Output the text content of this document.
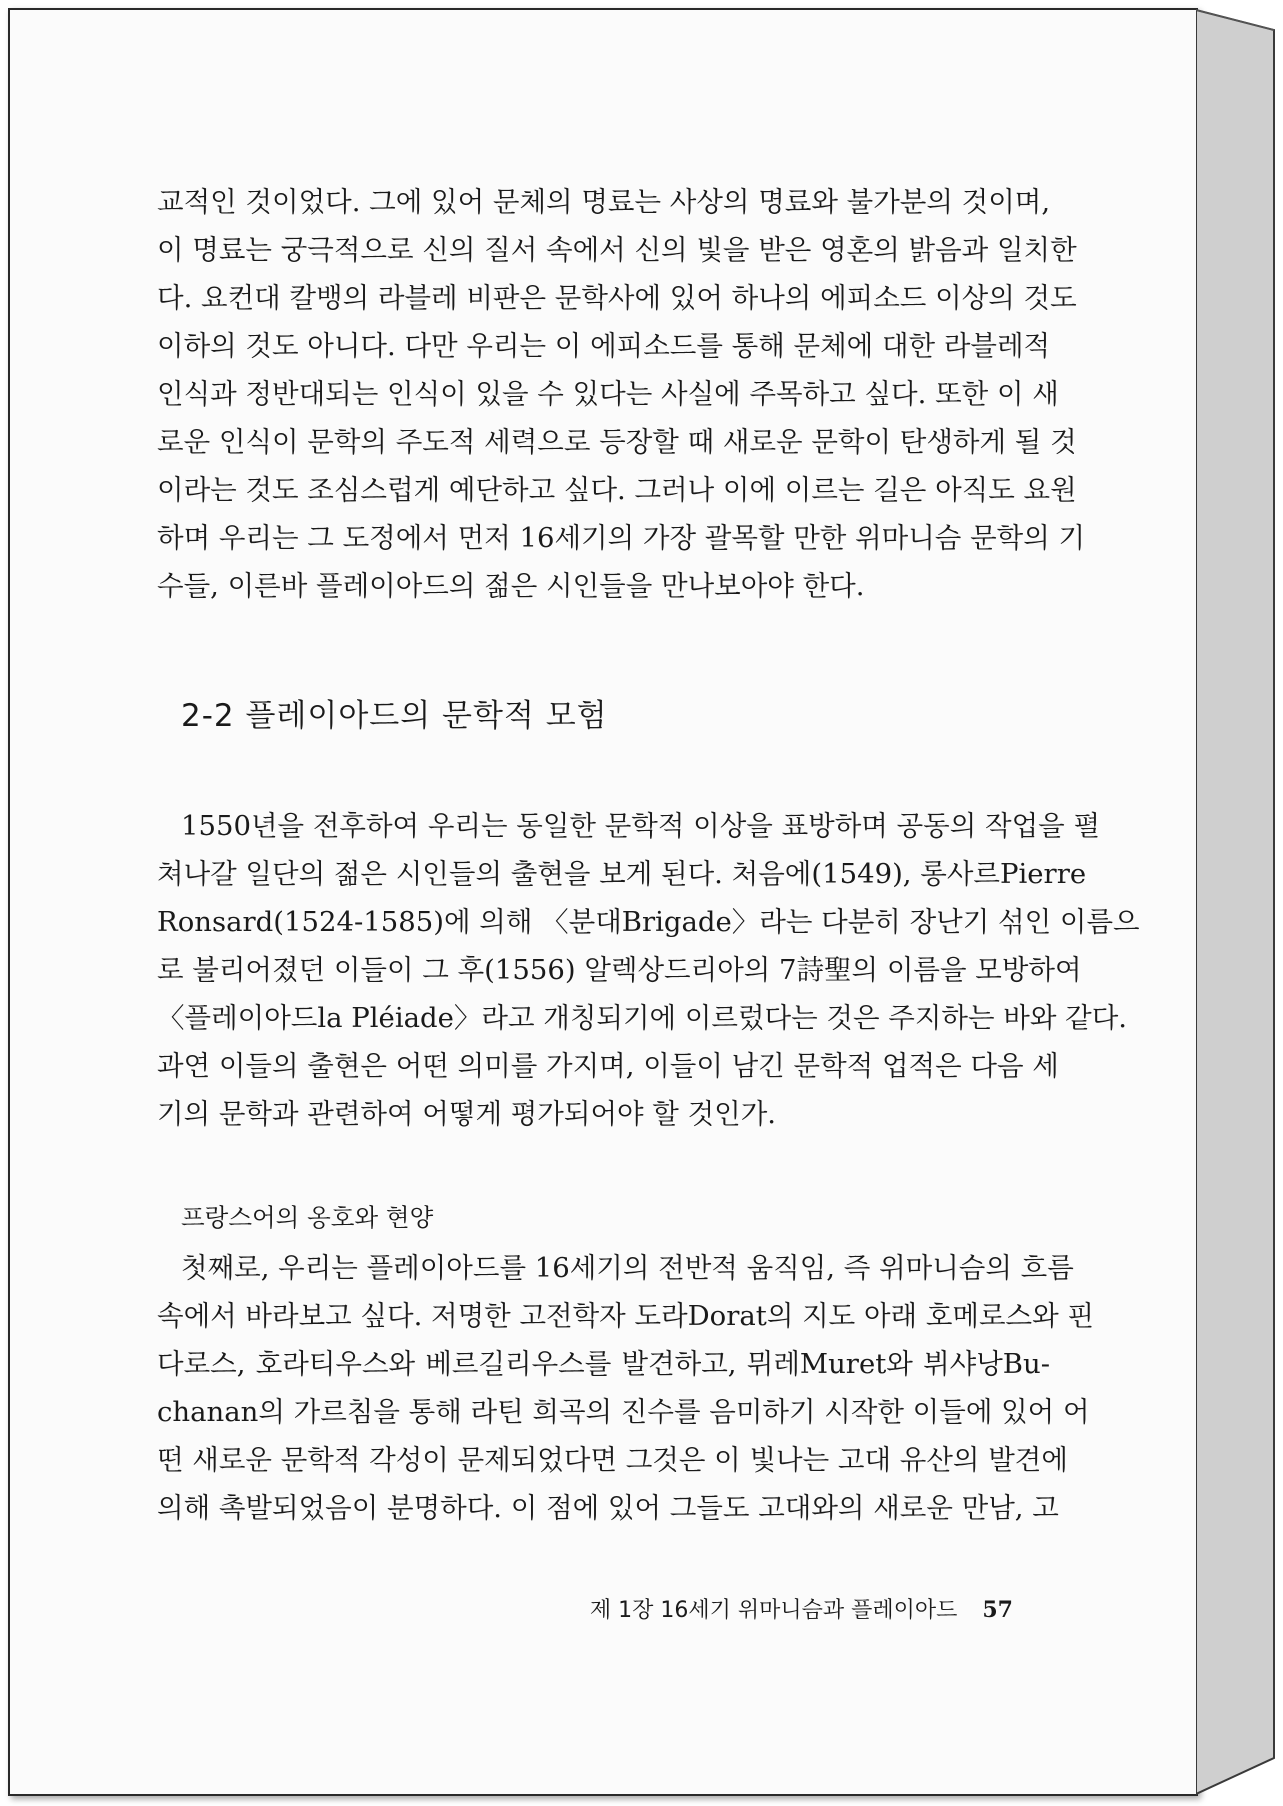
교적인 것이었다. 그에 있어 문체의 명료는 사상의 명료와 불가분의 것이며,
이 명료는 궁극적으로 신의 질서 속에서 신의 빛을 받은 영혼의 밝음과 일치한
다. 요컨대 칼뱅의 라블레 비판은 문학사에 있어 하나의 에피소드 이상의 것도
이하의 것도 아니다. 다만 우리는 이 에피소드를 통해 문체에 대한 라블레적
인식과 정반대되는 인식이 있을 수 있다는 사실에 주목하고 싶다. 또한 이 새
로운 인식이 문학의 주도적 세력으로 등장할 때 새로운 문학이 탄생하게 될 것
이라는 것도 조심스럽게 예단하고 싶다. 그러나 이에 이르는 길은 아직도 요원
하며 우리는 그 도정에서 먼저 16세기의 가장 괄목할 만한 위마니슴 문학의 기
수들, 이른바 플레이아드의 젊은 시인들을 만나보아야 한다.
2-2 플레이아드의 문학적 모험
1550년을 전후하여 우리는 동일한 문학적 이상을 표방하며 공동의 작업을 펼
쳐나갈 일단의 젊은 시인들의 출현을 보게 된다. 처음에(1549), 롱사르Pierre
Ronsard(1524-1585)에 의해 〈분대Brigade〉라는 다분히 장난기 섞인 이름으
로 불리어졌던 이들이 그 후(1556) 알렉상드리아의 7詩聖의 이름을 모방하여
〈플레이아드la Pléiade〉라고 개칭되기에 이르렀다는 것은 주지하는 바와 같다.
과연 이들의 출현은 어떤 의미를 가지며, 이들이 남긴 문학적 업적은 다음 세
기의 문학과 관련하여 어떻게 평가되어야 할 것인가.
프랑스어의 옹호와 현양
첫째로, 우리는 플레이아드를 16세기의 전반적 움직임, 즉 위마니슴의 흐름
속에서 바라보고 싶다. 저명한 고전학자 도라Dorat의 지도 아래 호메로스와 핀
다로스, 호라티우스와 베르길리우스를 발견하고, 뮈레Muret와 뷔샤낭Bu-
chanan의 가르침을 통해 라틴 희곡의 진수를 음미하기 시작한 이들에 있어 어
떤 새로운 문학적 각성이 문제되었다면 그것은 이 빛나는 고대 유산의 발견에
의해 촉발되었음이 분명하다. 이 점에 있어 그들도 고대와의 새로운 만남, 고
제 1장 16세기 위마니슴과 플레이아드 57
